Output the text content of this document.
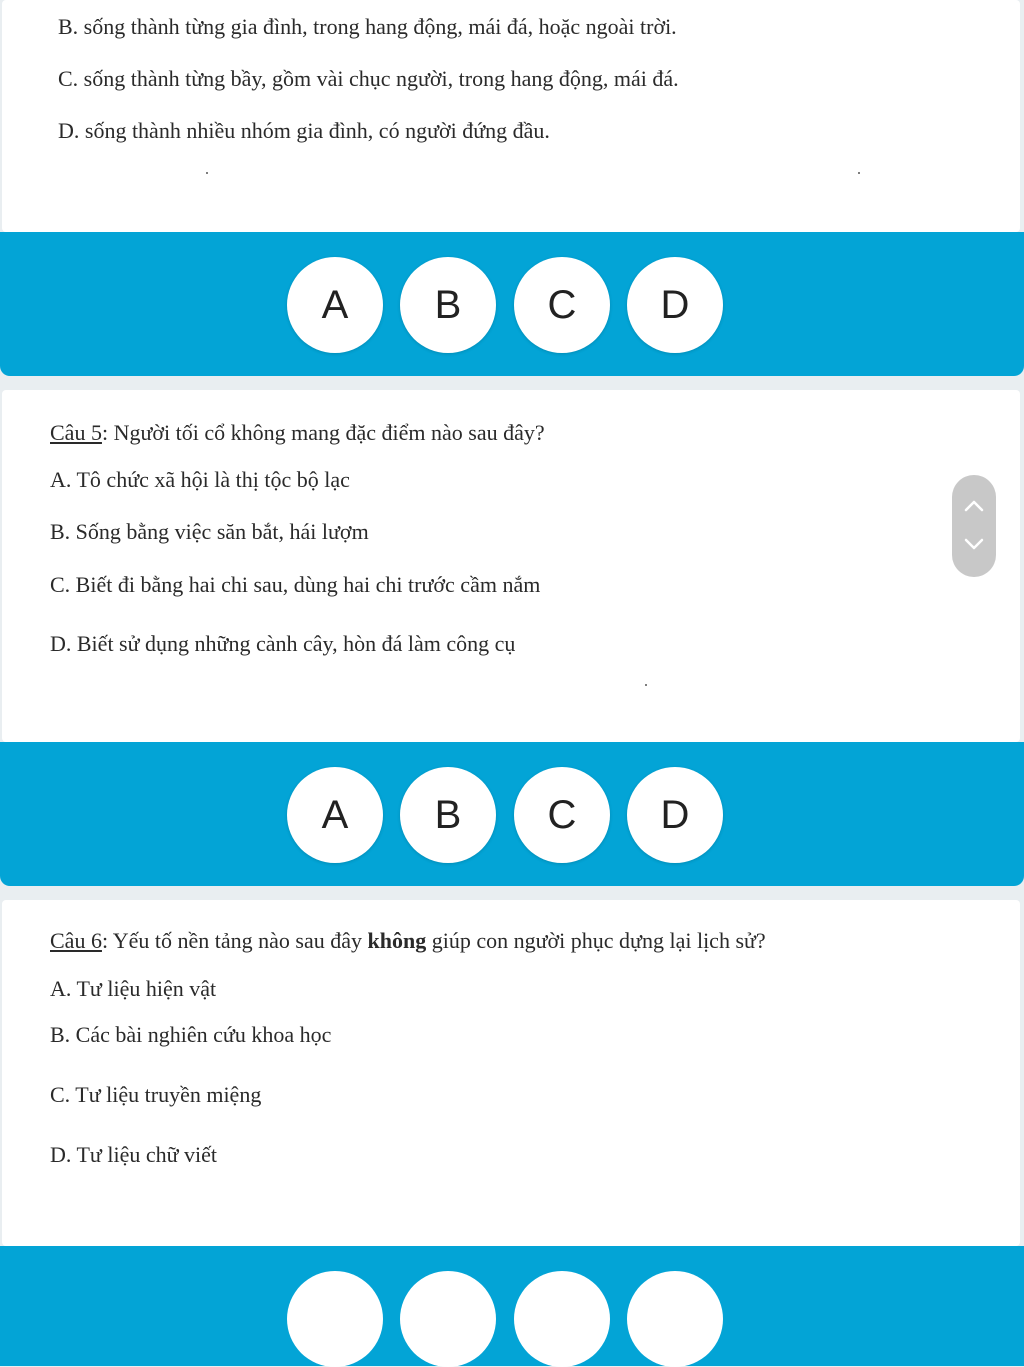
B. sống thành từng gia đình, trong hang động, mái đá, hoặc ngoài trời.
C. sống thành từng bầy, gồm vài chục người, trong hang động, mái đá.
D. sống thành nhiều nhóm gia đình, có người đứng đầu.
A	B	C	D
Câu 5: Người tối cổ không mang đặc điểm nào sau đây?
A. Tô chức xã hội là thị tộc bộ lạc
B. Sống bằng việc săn bắt, hái lượm
C. Biết đi bằng hai chi sau, dùng hai chi trước cầm nắm
D. Biết sử dụng những cành cây, hòn đá làm công cụ
A	B	C	D
Câu 6: Yếu tố nền tảng nào sau đây không giúp con người phục dựng lại lịch sử?
A. Tư liệu hiện vật
B. Các bài nghiên cứu khoa học
C. Tư liệu truyền miệng
D. Tư liệu chữ viết
